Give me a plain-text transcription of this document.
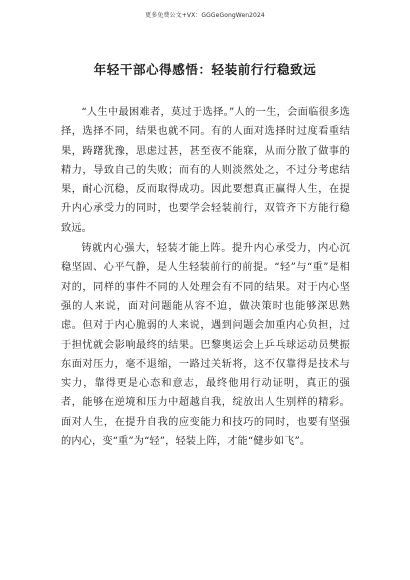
更多免费公文+VX：GGGeGongWen2024
年轻干部心得感悟：轻装前行行稳致远

“人生中最困难者，莫过于选择。”人的一生，会面临很多选择，选择不同，结果也就不同。有的人面对选择时过度看重结果，踌躇犹豫，思虑过甚，甚至夜不能寐，从而分散了做事的精力，导致自己的失败；而有的人则淡然处之，不过分考虑结果，耐心沉稳，反而取得成功。因此要想真正赢得人生，在提升内心承受力的同时，也要学会轻装前行，双管齐下方能行稳致远。

铸就内心强大，轻装才能上阵。提升内心承受力，内心沉稳坚固、心平气静，是人生轻装前行的前提。“轻”与“重”是相对的，同样的事件不同的人处理会有不同的结果。对于内心坚强的人来说，面对问题能从容不迫，做决策时也能够深思熟虑。但对于内心脆弱的人来说，遇到问题会加重内心负担，过于担忧就会影响最终的结果。巴黎奥运会上乒乓球运动员樊振东面对压力，毫不退缩，一路过关斩将，这不仅靠得是技术与实力，靠得更是心态和意志，最终他用行动证明，真正的强者，能够在逆境和压力中超越自我，绽放出人生别样的精彩。面对人生，在提升自我的应变能力和技巧的同时，也要有坚强的内心，变“重”为“轻”，轻装上阵，才能“健步如飞”。
